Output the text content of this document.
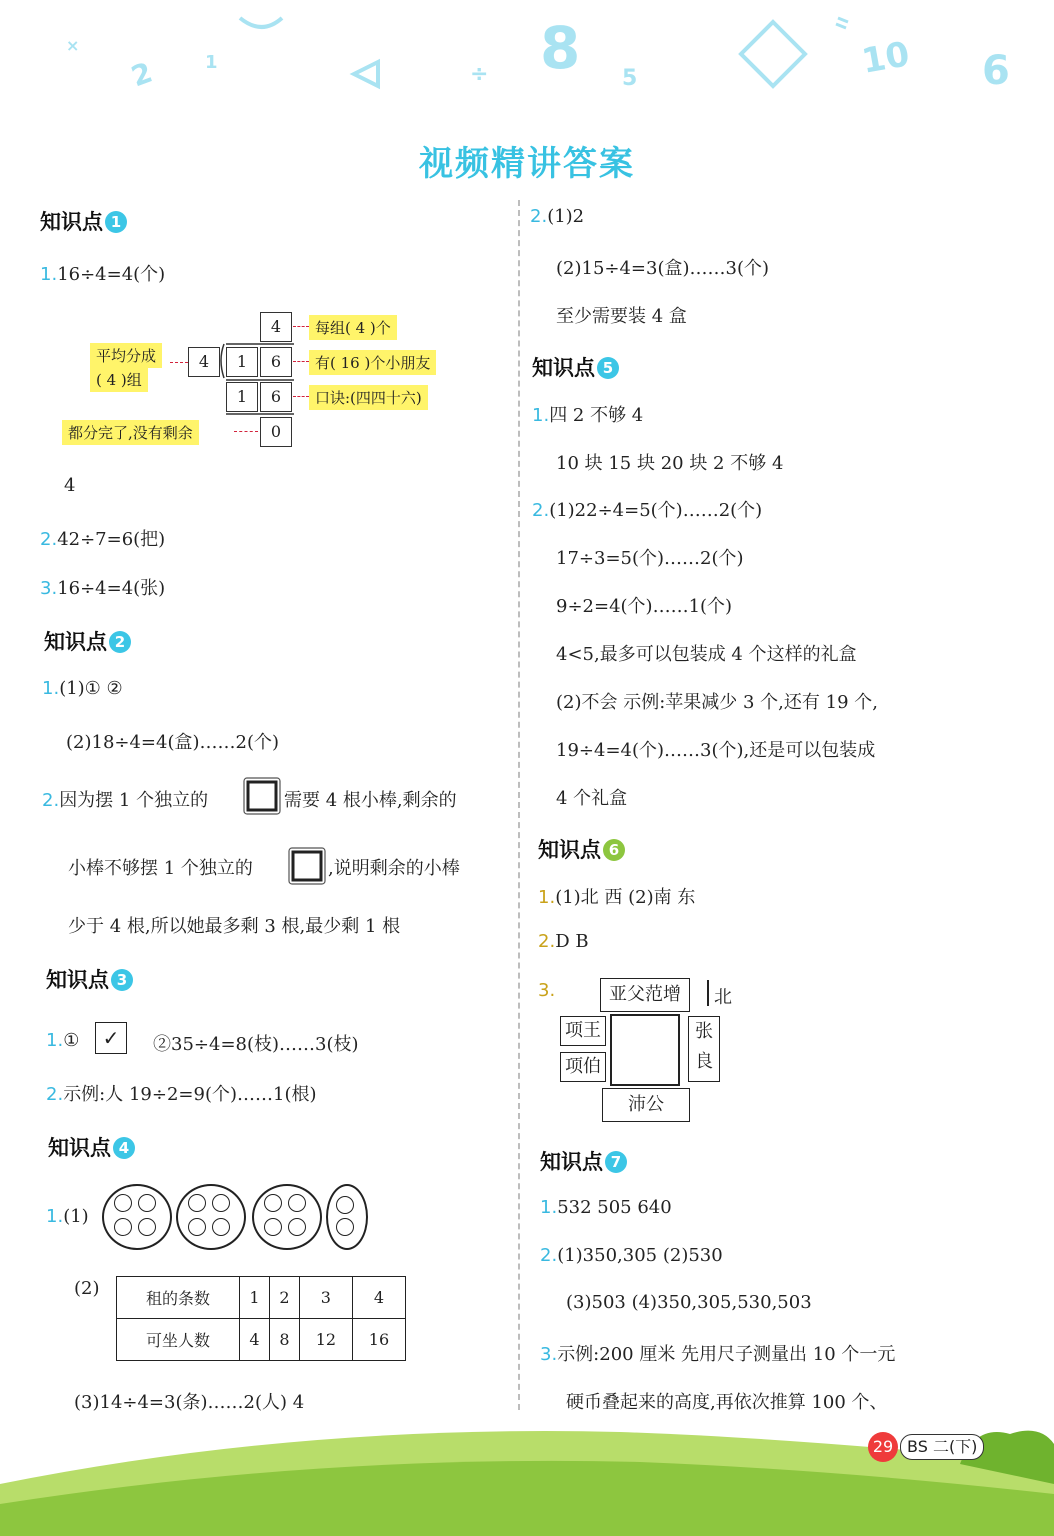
2	1	÷ 8 5	10 6
×
视频精讲答案
知识点 1
1.16÷4=4(个)
平均分成
( 4 )组
4
4	1	6
1	6
0
每组( 4 )个
有( 16 )个小朋友
口诀:(四四十六)
都分完了,没有剩余
4
2.42÷7=6(把)
3.16÷4=4(张)
知识点 2
1.(1)① ②
(2)18÷4=4(盒)……2(个)
2.因为摆 1 个独立的	需要 4 根小棒,剩余的
小棒不够摆 1 个独立的	,说明剩余的小棒
少于 4 根,所以她最多剩 3 根,最少剩 1 根
知识点 3
1.①	✓	②35÷4=8(枝)……3(枝)
2.示例:人 19÷2=9(个)……1(根)
知识点 4
1.(1)
(2)	租的条数	1	2	3	4
可坐人数	4	8	12	16
(3)14÷4=3(条)……2(人) 4
2.(1)2
(2)15÷4=3(盒)……3(个)
至少需要装 4 盒
知识点 5
1.四 2 不够 4
10 块 15 块 20 块 2 不够 4
2.(1)22÷4=5(个)……2(个)
17÷3=5(个)……2(个)
9÷2=4(个)……1(个)
4<5,最多可以包装成 4 个这样的礼盒
(2)不会 示例:苹果减少 3 个,还有 19 个,
19÷4=4(个)……3(个),还是可以包装成
4 个礼盒
知识点 6
1.(1)北 西 (2)南 东
2.D B
3.	亚父范增	北
项王
项伯
张
良
沛公
知识点 7
1.532 505 640
2.(1)350,305 (2)530
(3)503 (4)350,305,530,503
3.示例:200 厘米 先用尺子测量出 10 个一元
硬币叠起来的高度,再依次推算 100 个、
29 BS 二(下)
